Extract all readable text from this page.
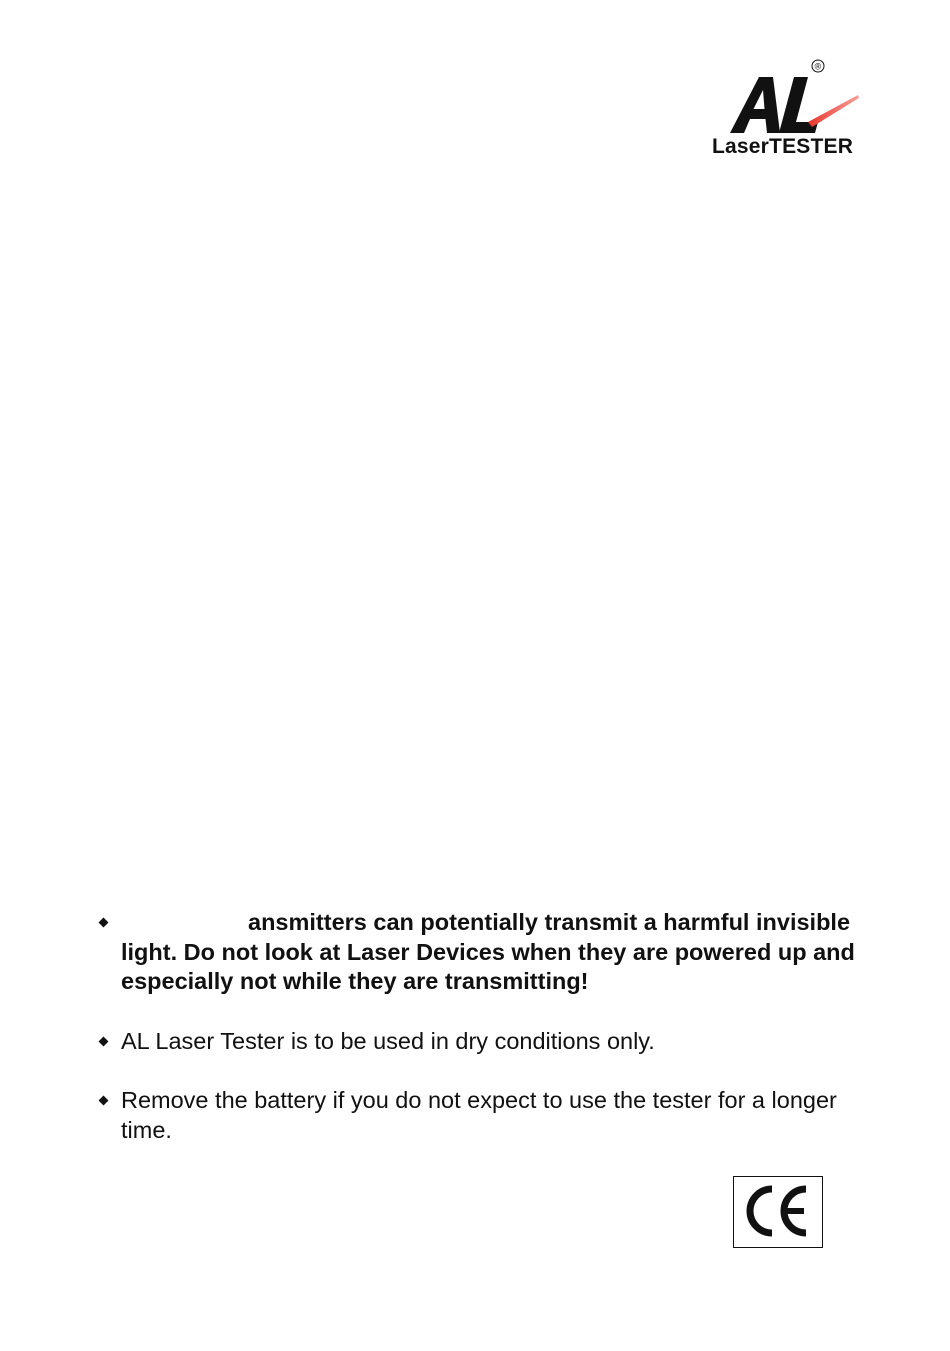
®
LaserTESTER
ansmitters can potentially transmit a harmful invisible light. Do not look at Laser Devices when they are powered up and especially not while they are transmitting!
AL Laser Tester is to be used in dry conditions only.
Remove the battery if you do not expect to use the tester for a longer time.
